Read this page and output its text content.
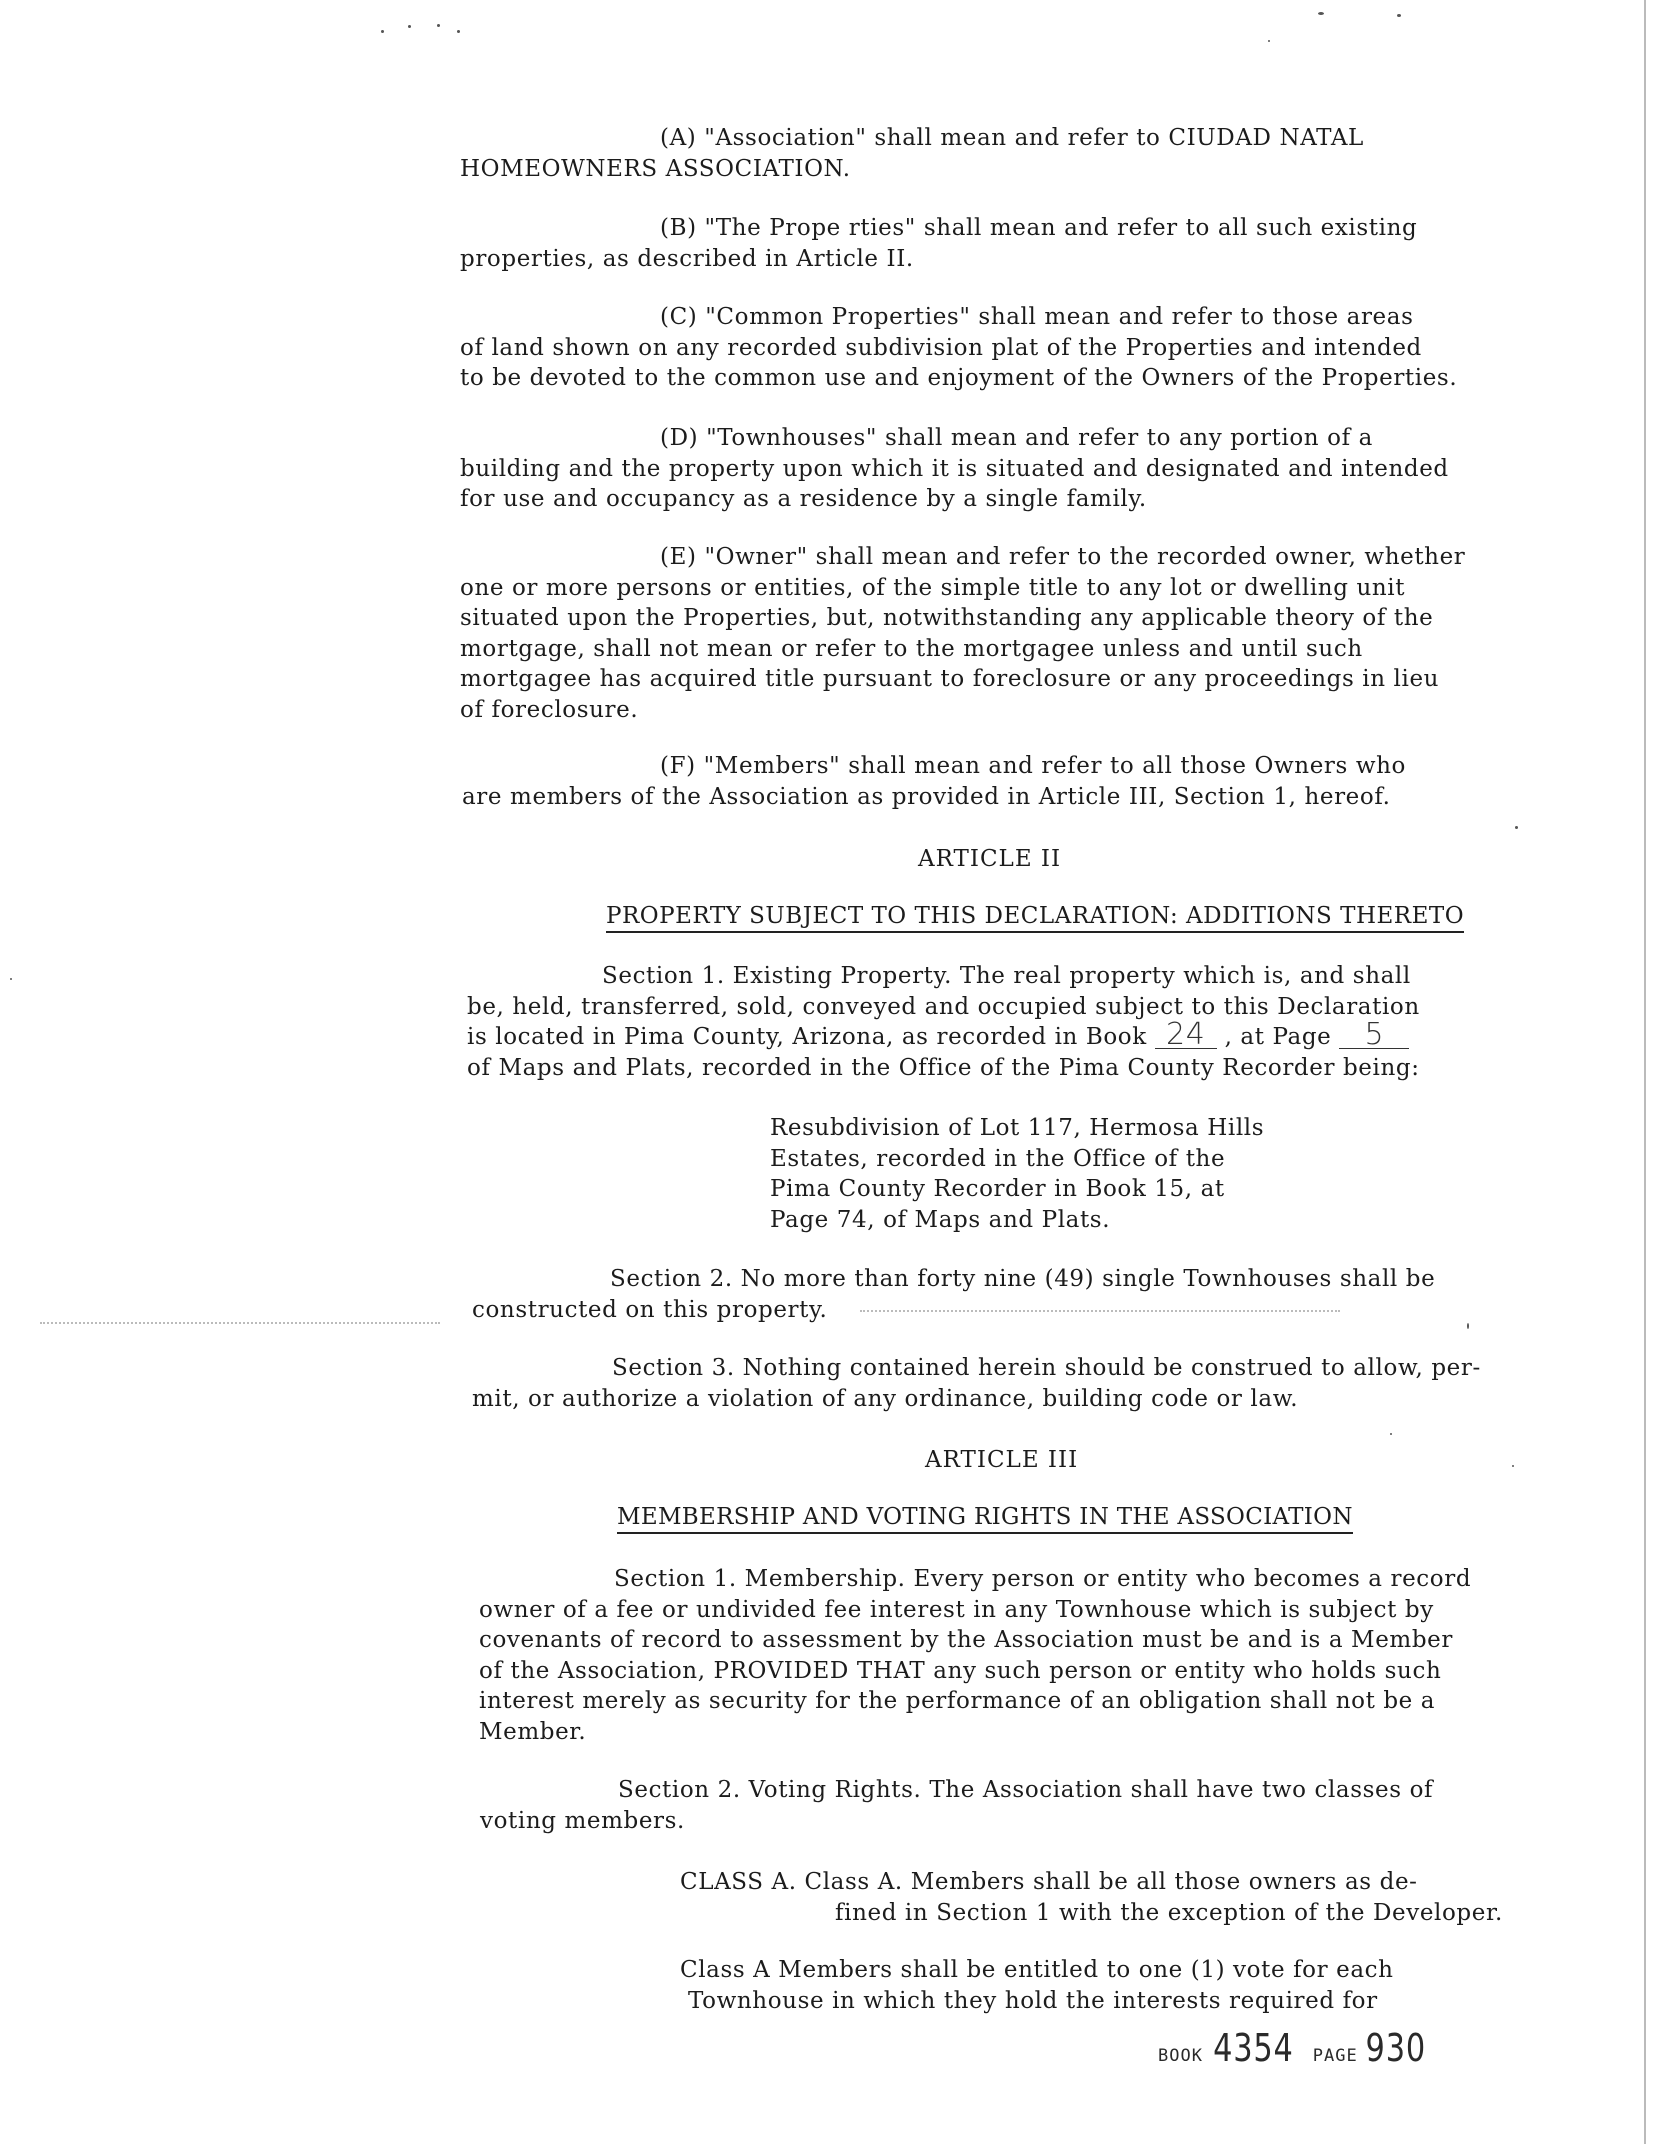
(A) "Association" shall mean and refer to CIUDAD NATAL
HOMEOWNERS ASSOCIATION.
(B) "The Prope rties" shall mean and refer to all such existing
properties, as described in Article II.
(C) "Common Properties" shall mean and refer to those areas
of land shown on any recorded subdivision plat of the Properties and intended
to be devoted to the common use and enjoyment of the Owners of the Properties.
(D) "Townhouses" shall mean and refer to any portion of a
building and the property upon which it is situated and designated and intended
for use and occupancy as a residence by a single family.
(E) "Owner" shall mean and refer to the recorded owner, whether
one or more persons or entities, of the simple title to any lot or dwelling unit
situated upon the Properties, but, notwithstanding any applicable theory of the
mortgage, shall not mean or refer to the mortgagee unless and until such
mortgagee has acquired title pursuant to foreclosure or any proceedings in lieu
of foreclosure.
(F) "Members" shall mean and refer to all those Owners who
are members of the Association as provided in Article III, Section 1, hereof.
ARTICLE II
PROPERTY SUBJECT TO THIS DECLARATION: ADDITIONS THERETO
Section 1. Existing Property. The real property which is, and shall
be, held, transferred, sold, conveyed and occupied subject to this Declaration
is located in Pima County, Arizona, as recorded in Book 24 , at Page 5
of Maps and Plats, recorded in the Office of the Pima County Recorder being:
Resubdivision of Lot 117, Hermosa Hills
Estates, recorded in the Office of the
Pima County Recorder in Book 15, at
Page 74, of Maps and Plats.
Section 2. No more than forty nine (49) single Townhouses shall be
constructed on this property.
Section 3. Nothing contained herein should be construed to allow, per-
mit, or authorize a violation of any ordinance, building code or law.
ARTICLE III
MEMBERSHIP AND VOTING RIGHTS IN THE ASSOCIATION
Section 1. Membership. Every person or entity who becomes a record
owner of a fee or undivided fee interest in any Townhouse which is subject by
covenants of record to assessment by the Association must be and is a Member
of the Association, PROVIDED THAT any such person or entity who holds such
interest merely as security for the performance of an obligation shall not be a
Member.
Section 2. Voting Rights. The Association shall have two classes of
voting members.
CLASS A. Class A. Members shall be all those owners as de-
fined in Section 1 with the exception of the Developer.
Class A Members shall be entitled to one (1) vote for each
Townhouse in which they hold the interests required for
BOOK 4354 PAGE 930
